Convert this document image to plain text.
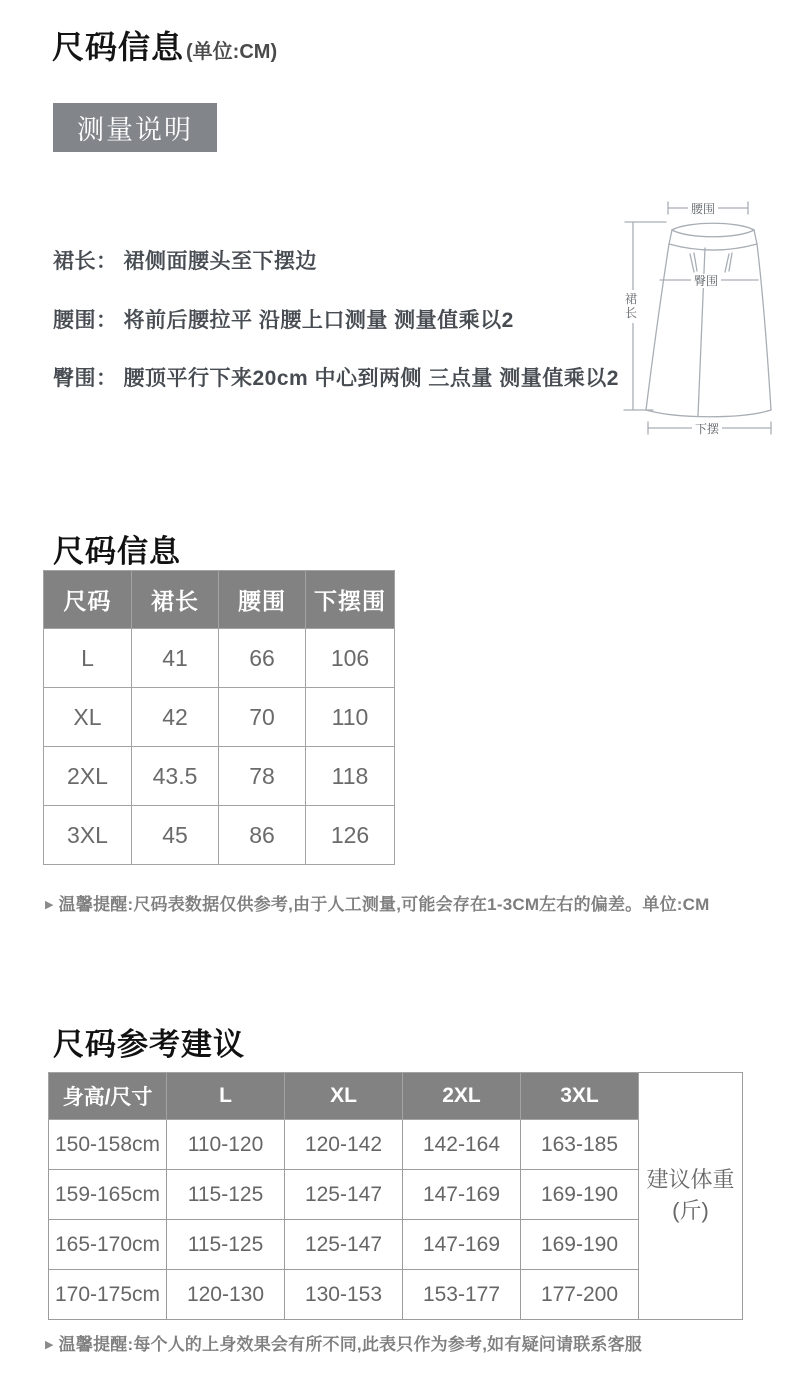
尺码信息 (单位:CM)
测量说明
裙长： 裙侧面腰头至下摆边
腰围： 将前后腰拉平 沿腰上口测量 测量值乘以2
臀围： 腰顶平行下来20cm 中心到两侧 三点量 测量值乘以2
腰围
臀围
裙长
下摆
尺码信息
尺码	裙长	腰围	下摆围
L	41	66	106
XL	42	70	110
2XL	43.5	78	118
3XL	45	86	126
▶ 温馨提醒:尺码表数据仅供参考,由于人工测量,可能会存在1-3CM左右的偏差。单位:CM
尺码参考建议
身高/尺寸	L	XL	2XL	3XL	建议体重
(斤)
150-158cm	110-120	120-142	142-164	163-185	
159-165cm	115-125	125-147	147-169	169-190	
165-170cm	115-125	125-147	147-169	169-190	
170-175cm	120-130	130-153	153-177	177-200	
▶ 温馨提醒:每个人的上身效果会有所不同,此表只作为参考,如有疑问请联系客服
